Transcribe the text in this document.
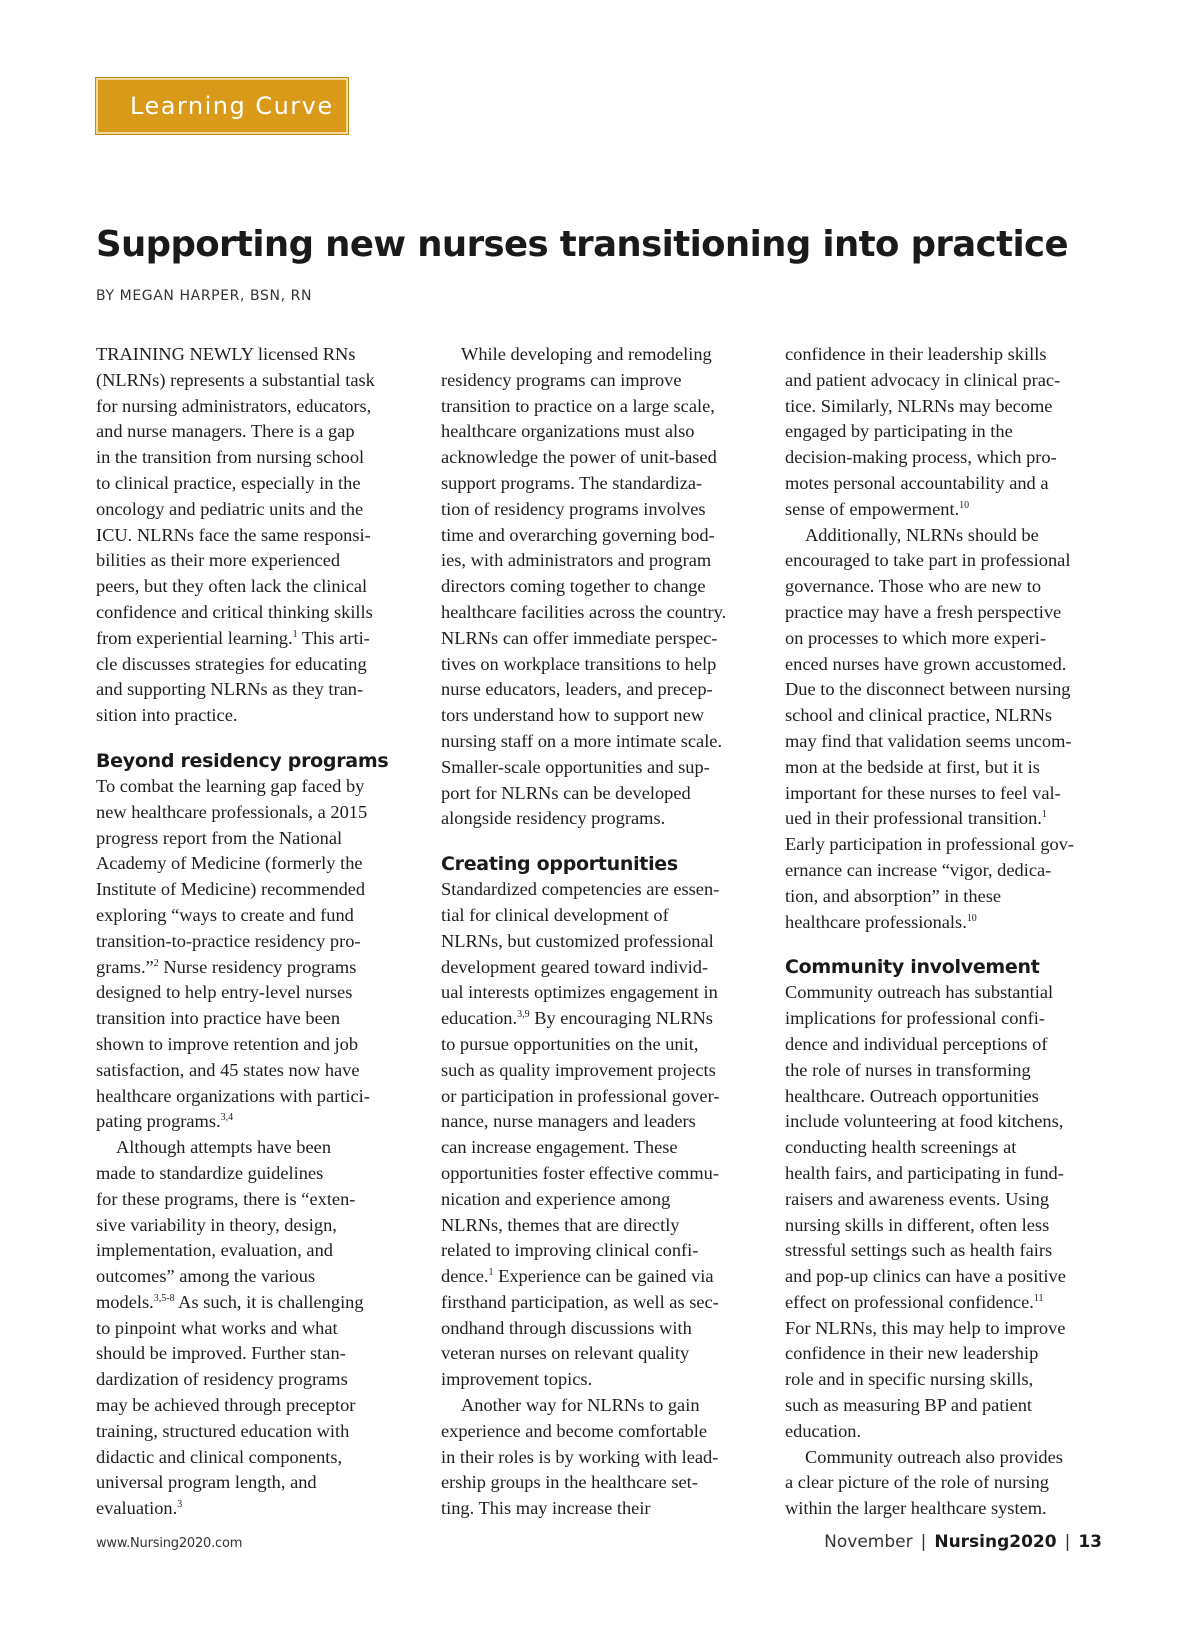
Learning Curve
Supporting new nurses transitioning into practice
BY MEGAN HARPER, BSN, RN
TRAINING NEWLY licensed RNs
(NLRNs) represents a substantial task
for nursing administrators, educators,
and nurse managers. There is a gap
in the transition from nursing school
to clinical practice, especially in the
oncology and pediatric units and the
ICU. NLRNs face the same responsi-
bilities as their more experienced
peers, but they often lack the clinical
confidence and critical thinking skills
from experiential learning.$^1$ This arti-
cle discusses strategies for educating
and supporting NLRNs as they tran-
sition into practice.
Beyond residency programs
To combat the learning gap faced by
new healthcare professionals, a 2015
progress report from the National
Academy of Medicine (formerly the
Institute of Medicine) recommended
exploring “ways to create and fund
transition-to-practice residency pro-
grams.”$^2$ Nurse residency programs
designed to help entry-level nurses
transition into practice have been
shown to improve retention and job
satisfaction, and 45 states now have
healthcare organizations with partici-
pating programs.$^{3,4}$
Although attempts have been
made to standardize guidelines
for these programs, there is “exten-
sive variability in theory, design,
implementation, evaluation, and
outcomes” among the various
models.$^{3,5-8}$ As such, it is challenging
to pinpoint what works and what
should be improved. Further stan-
dardization of residency programs
may be achieved through preceptor
training, structured education with
didactic and clinical components,
universal program length, and
evaluation.$^3$
While developing and remodeling
residency programs can improve
transition to practice on a large scale,
healthcare organizations must also
acknowledge the power of unit-based
support programs. The standardiza-
tion of residency programs involves
time and overarching governing bod-
ies, with administrators and program
directors coming together to change
healthcare facilities across the country.
NLRNs can offer immediate perspec-
tives on workplace transitions to help
nurse educators, leaders, and precep-
tors understand how to support new
nursing staff on a more intimate scale.
Smaller-scale opportunities and sup-
port for NLRNs can be developed
alongside residency programs.
Creating opportunities
Standardized competencies are essen-
tial for clinical development of
NLRNs, but customized professional
development geared toward individ-
ual interests optimizes engagement in
education.$^{3,9}$ By encouraging NLRNs
to pursue opportunities on the unit,
such as quality improvement projects
or participation in professional gover-
nance, nurse managers and leaders
can increase engagement. These
opportunities foster effective commu-
nication and experience among
NLRNs, themes that are directly
related to improving clinical confi-
dence.$^1$ Experience can be gained via
firsthand participation, as well as sec-
ondhand through discussions with
veteran nurses on relevant quality
improvement topics.
Another way for NLRNs to gain
experience and become comfortable
in their roles is by working with lead-
ership groups in the healthcare set-
ting. This may increase their
confidence in their leadership skills
and patient advocacy in clinical prac-
tice. Similarly, NLRNs may become
engaged by participating in the
decision-making process, which pro-
motes personal accountability and a
sense of empowerment.$^{10}$
Additionally, NLRNs should be
encouraged to take part in professional
governance. Those who are new to
practice may have a fresh perspective
on processes to which more experi-
enced nurses have grown accustomed.
Due to the disconnect between nursing
school and clinical practice, NLRNs
may find that validation seems uncom-
mon at the bedside at first, but it is
important for these nurses to feel val-
ued in their professional transition.$^1$
Early participation in professional gov-
ernance can increase “vigor, dedica-
tion, and absorption” in these
healthcare professionals.$^{10}$
Community involvement
Community outreach has substantial
implications for professional confi-
dence and individual perceptions of
the role of nurses in transforming
healthcare. Outreach opportunities
include volunteering at food kitchens,
conducting health screenings at
health fairs, and participating in fund-
raisers and awareness events. Using
nursing skills in different, often less
stressful settings such as health fairs
and pop-up clinics can have a positive
effect on professional confidence.$^{11}$
For NLRNs, this may help to improve
confidence in their new leadership
role and in specific nursing skills,
such as measuring BP and patient
education.
Community outreach also provides
a clear picture of the role of nursing
within the larger healthcare system.
www.Nursing2020.com	November | Nursing2020 | 13
